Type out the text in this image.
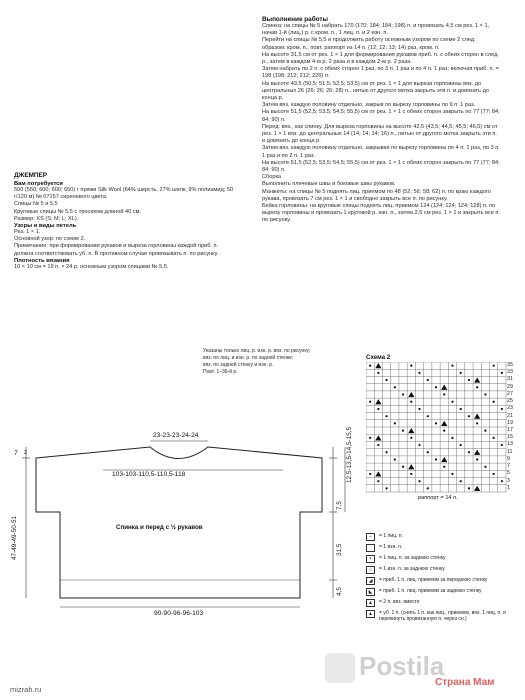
ДЖЕМПЕР
Вам потребуется
500 (550; 600; 600; 650) г пряжи Silk Wool (64% шерсть, 27% шелк, 9% полиамид; 50 г/120 м) № 07157 сиреневого цвета.
Спицы № 5 и 5,5
Круговые спицы № 5,5 с тросиком длиной 40 см.
Размер: XS (S; M; L; XL).
Узоры и виды петель
Рез. 1 × 1.
Основной узор: по схеме 2.
Примечание: при формировании рукавов и выреза горловины каждой приб. п. должна соответствовать уб. п. В противном случае провязывать п. по рисунку.
Плотность вязания
10 × 10 см = 19 п. × 24 р. основным узором спицами № 5,5.
Выполнение работы
Спинка: на спицы № 5 набрать 170 (170; 184; 184; 198) п. и провязать 4,5 см рез. 1 × 1, начав 1-й (лиц.) р. с кром. п., 1 лиц. п. и 2 изн. п.
Перейти на спицы № 5,5 и продолжить работу основным узором по схеме 2 след. образом: кром. п., повт. раппорт из 14 п. (12; 12; 13; 14) раз, кром. п.
На высоте 31,5 см от рез. 1 × 1 для формирования рукавов приб. п. с обеих сторон в след. р., затем в каждом 4-м р. 2 раза и в каждом 2-м р. 2 раза.
Затем набрать по 2 п. с обеих сторон 1 раз, по 3 п. 1 раз и по 4 п. 1 раз; включая приб. п. = 198 (198; 212; 212; 226) п.
На высоте 49,5 (50,5; 51,5; 52,5; 53,5) см от рез. 1 × 1 для выреза горловины вяз. до центральных 26 (26; 26; 26; 28) п., нитью от другого мотка закрыть эти п. и довязать до конца р.
Затем вяз. каждую половину отдельно, закрыв по вырезу горловины по 9 п. 1 раз.
На высоте 51,5 (52,5; 53,5; 54,5; 55,5) см от рез. 1 × 1 с обеих сторон закрыть по 77 (77; 84; 84; 90) п.
Перед: вяз., как спинку. Для выреза горловины на высоте 42,5 (43,5; 44,5; 45,5; 46,5) см от рез. 1 × 1 вяз. до центральных 14 (14; 14; 14; 16) п., нитью от другого мотка закрыть эти п. и довязать до конца р.
Затем вяз. каждую половину отдельно, закрывая по вырезу горловины по 4 п. 1 раз, по 3 п. 1 раз и по 2 п. 1 раз.
На высоте 51,5 (52,5; 53,5; 54,5; 55,5) см от рез. 1 × 1 с обеих сторон закрыть по 77 (77; 84; 84; 90) п.
Сборка
Выполнить плечевые швы и боковые швы рукавов.
Манжеты: на спицы № 5 поднять лиц. приемом по 48 (52; 56; 58; 62) п. по краю каждого рукава, провязать 7 см рез. 1 × 1 и свободно закрыть все п. по рисунку.
Бейка горловины: на круговые спицы поднять лиц. приемом 124 (124; 124; 124; 128) п. по вырезу горловины и провязать 1 круговой р. изн. п., затем 2,5 см рез. 1 × 1 и закрыть все п. по рисунку.
Указаны только лиц. р. изн. р. вяз. по рисунку;
вяз. по лиц. и изн. р. по задней стенке;
вяз. по задней стенку и изн. р.
Повт. 1–36-й р.
23-23-23-24-24
103-103-110,5-110,5-118
7 2
47-49-49-50-51	Спинка и перед с ½ рукавов
90-90-96-96-103
12,5-13,5-14,5-15,5
7,5
31,5
4,5
Схема 2
35
33
31
29
27
25
23
21
19
17
15
13
11
9
7
5
3
1
раппорт = 14 п.
− = 1 лиц. п.
= 1 изн. п.
• = 1 лиц. п. за заднюю стенку
○ = 1 изн. п. за заднюю стенку
◢ = приб. 1 п. лиц. приемом за переднюю стенку
◣ = приб. 1 п. лиц. приемом за заднюю стенку
▲ = 2 п. вяз. вместе
▲ = уб. 1 п. (снять 1 п. как лиц., приемом, вяз. 1 лиц. п. и перекинуть провязанную п. через сн.)
mizrah.ru
Postila
Страна Мам
